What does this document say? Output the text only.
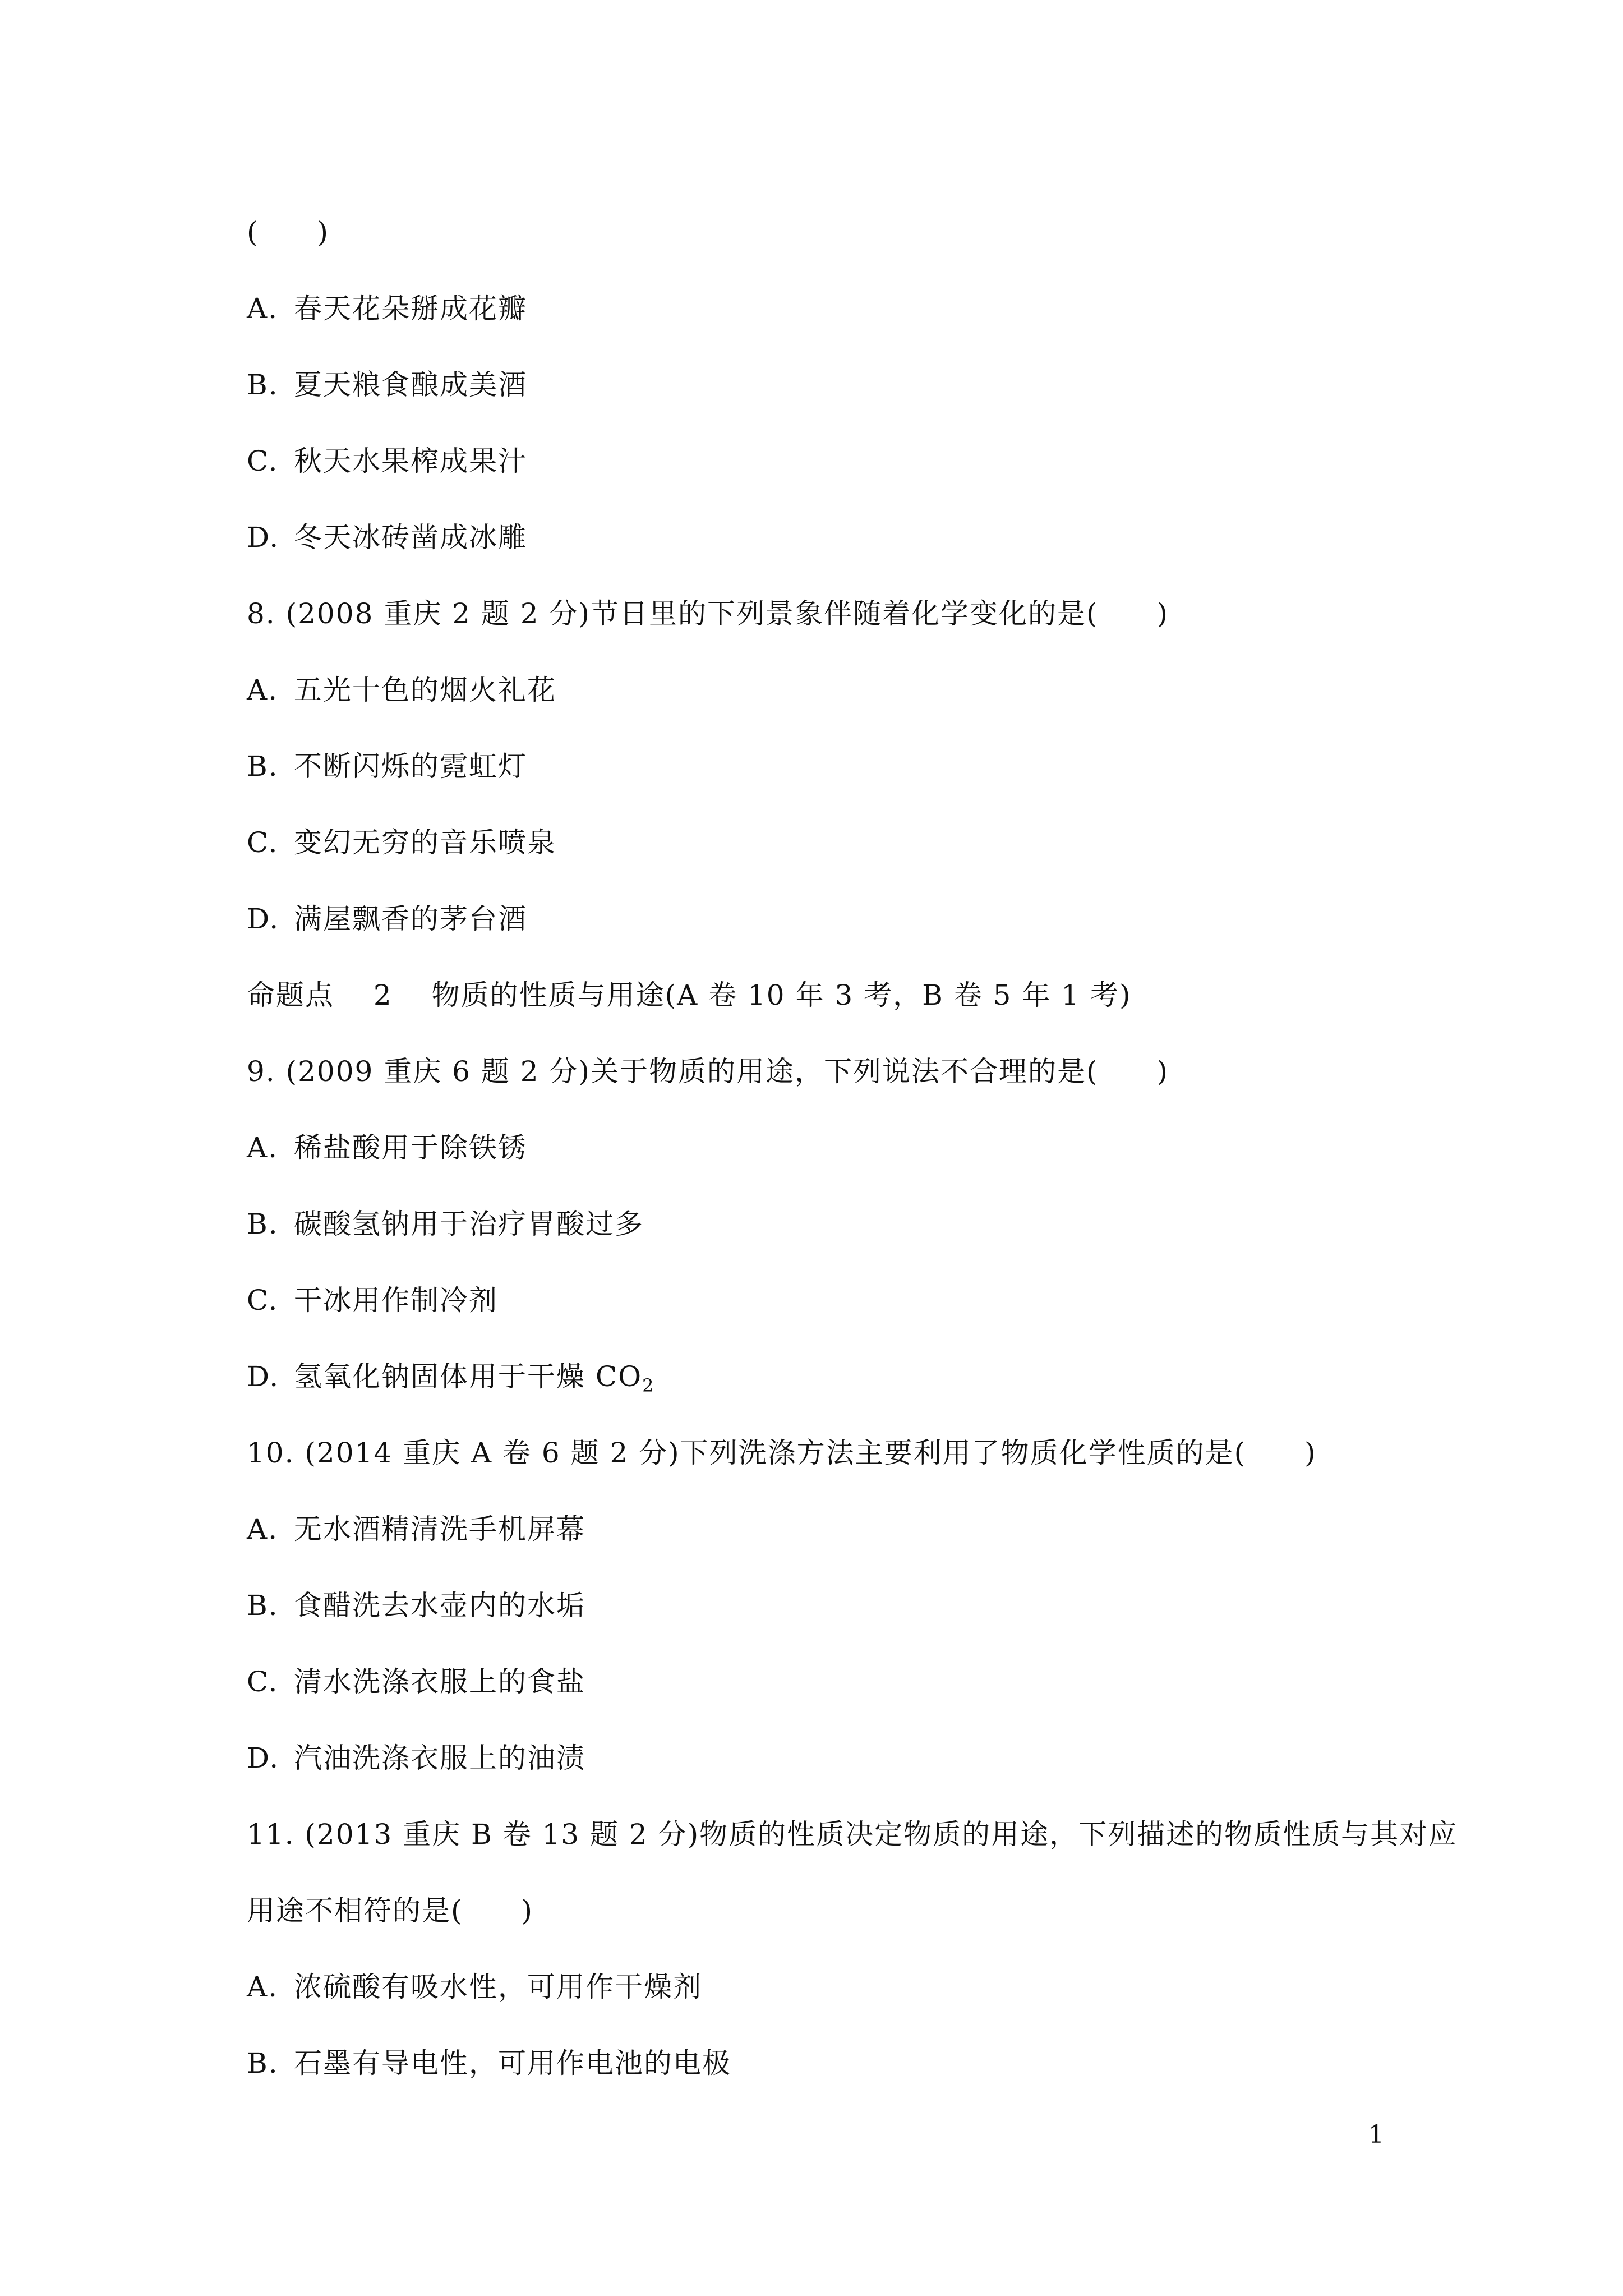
(　　)
A. 春天花朵掰成花瓣
B. 夏天粮食酿成美酒
C. 秋天水果榨成果汁
D. 冬天冰砖凿成冰雕
8. (2008 重庆 2 题 2 分)节日里的下列景象伴随着化学变化的是(　　)
A. 五光十色的烟火礼花
B. 不断闪烁的霓虹灯
C. 变幻无穷的音乐喷泉
D. 满屋飘香的茅台酒
命题点　 2　 物质的性质与用途(A 卷 10 年 3 考，B 卷 5 年 1 考)
9. (2009 重庆 6 题 2 分)关于物质的用途，下列说法不合理的是(　　)
A. 稀盐酸用于除铁锈
B. 碳酸氢钠用于治疗胃酸过多
C. 干冰用作制冷剂
D. 氢氧化钠固体用于干燥 $CO_2$
10. (2014 重庆 A 卷 6 题 2 分)下列洗涤方法主要利用了物质化学性质的是(　　)
A. 无水酒精清洗手机屏幕
B. 食醋洗去水壶内的水垢
C. 清水洗涤衣服上的食盐
D. 汽油洗涤衣服上的油渍
11. (2013 重庆 B 卷 13 题 2 分)物质的性质决定物质的用途，下列描述的物质性质与其对应
用途不相符的是(　　)
A. 浓硫酸有吸水性，可用作干燥剂
B. 石墨有导电性，可用作电池的电极
1
